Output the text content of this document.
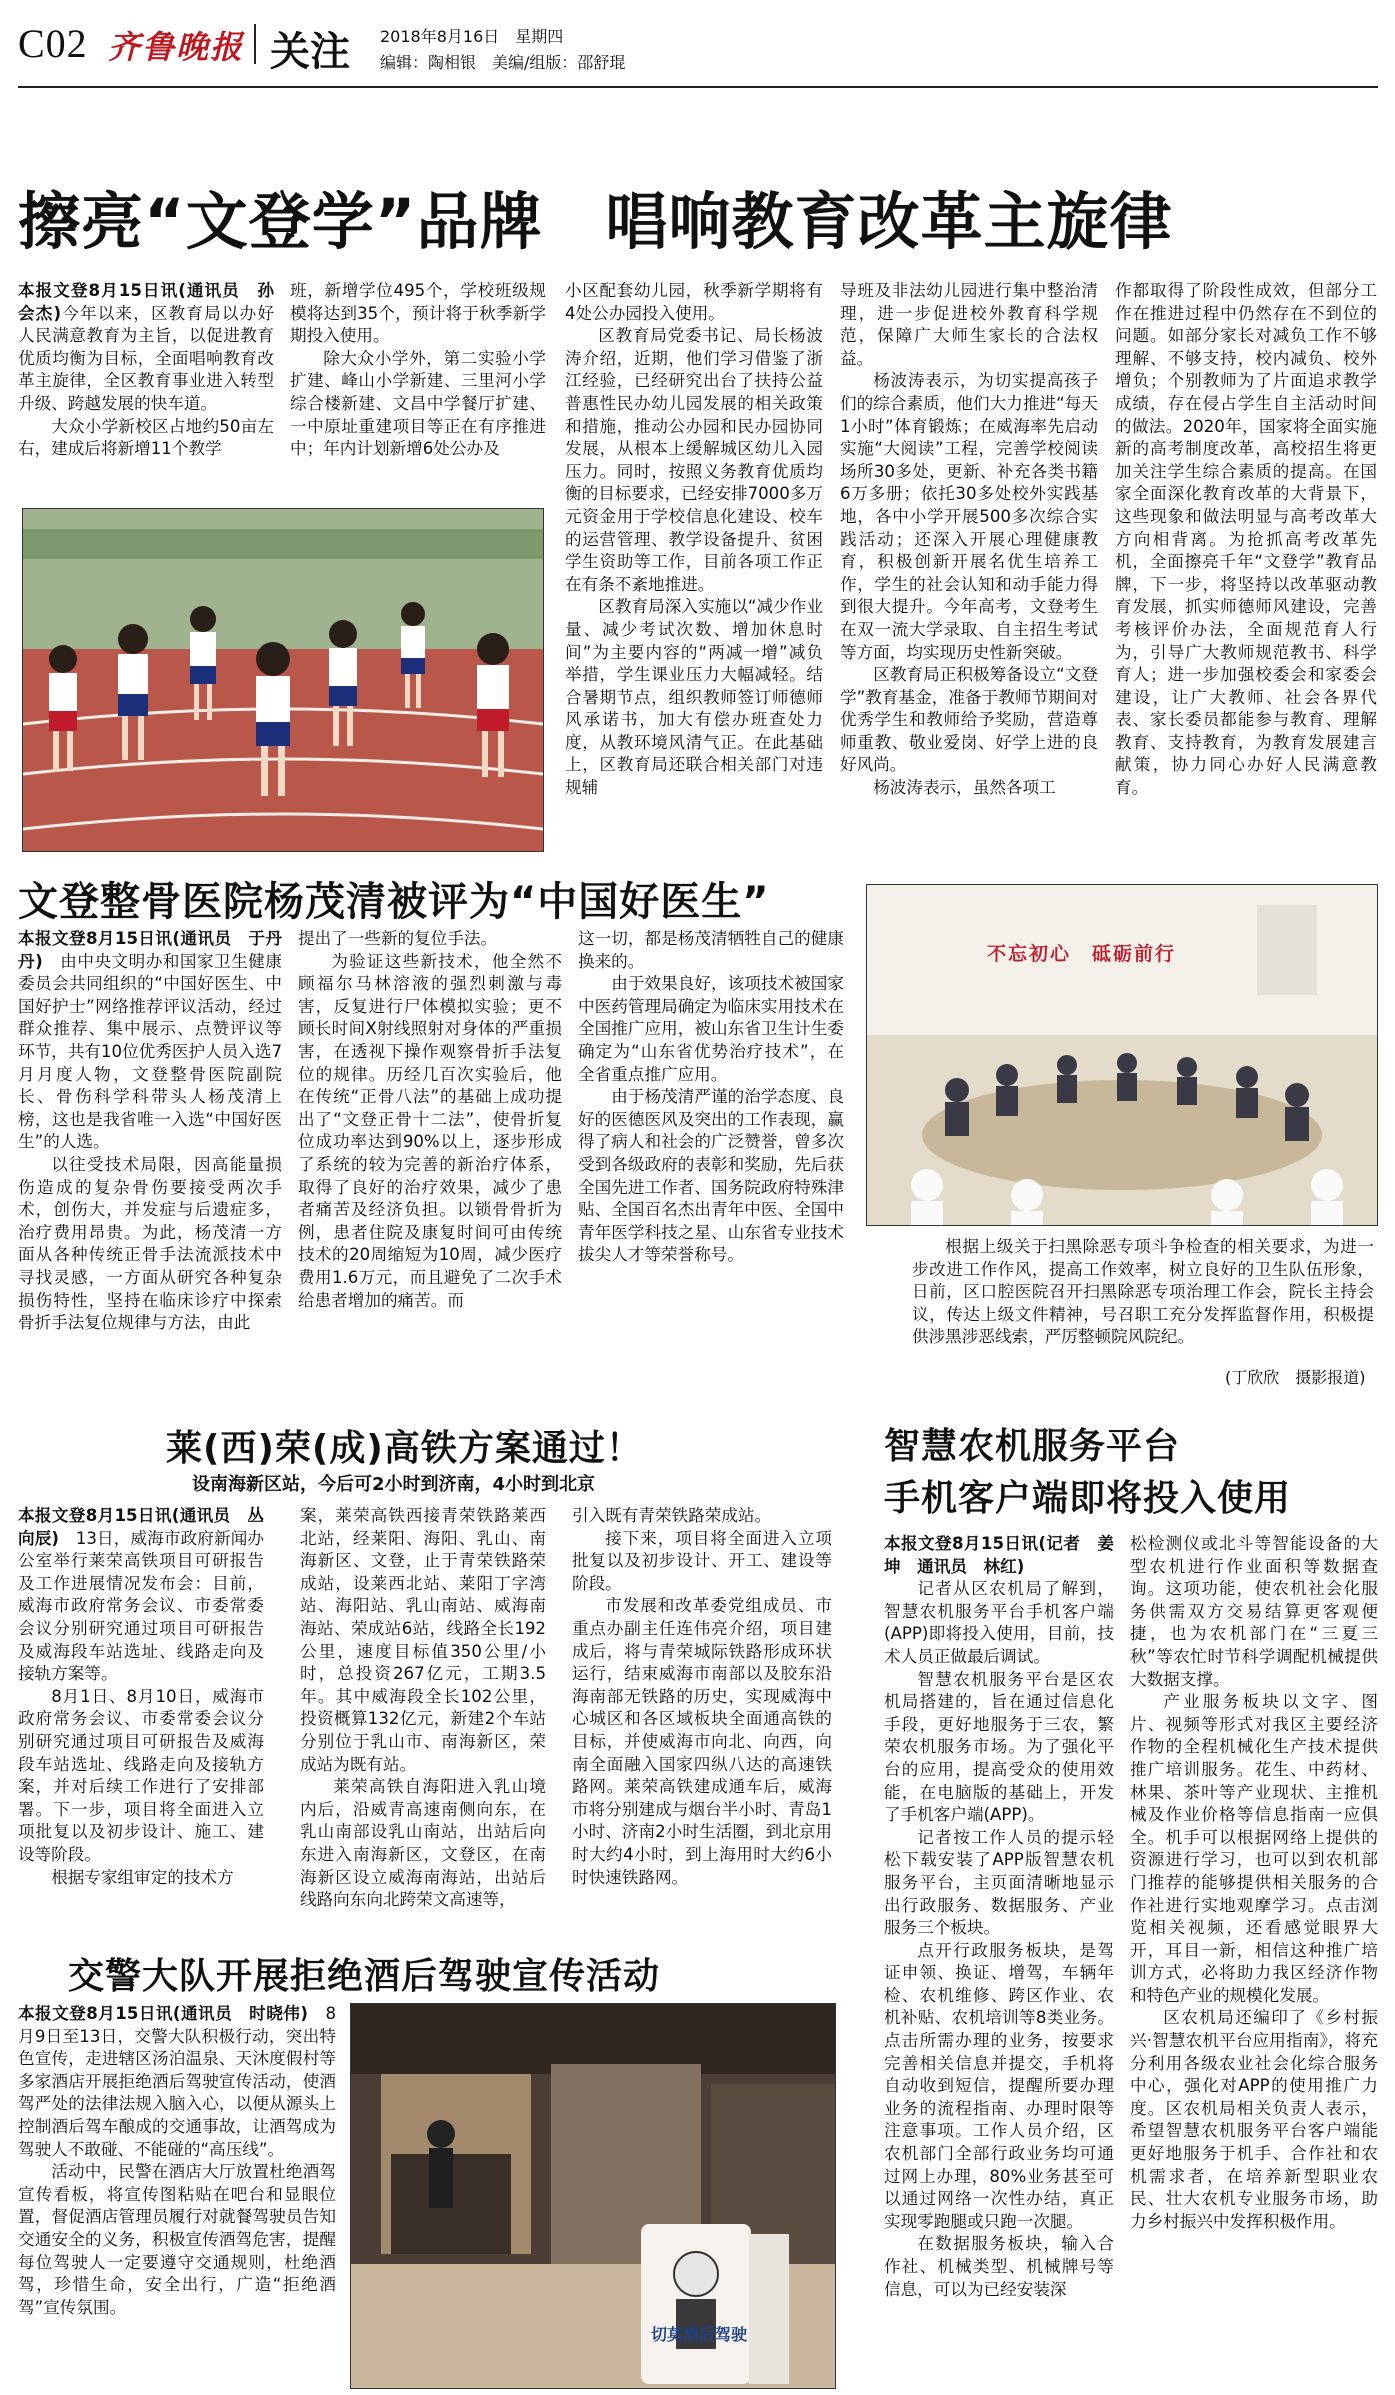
C02 齐鲁晚报 关注 2018年8月16日　星期四
编辑：陶相银　美编/组版：邵舒琨
擦亮“文登学”品牌　唱响教育改革主旋律

本报文登8月15日讯(通讯员　孙会杰)今年以来，区教育局以办好人民满意教育为主旨，以促进教育优质均衡为目标，全面唱响教育改革主旋律，全区教育事业进入转型升级、跨越发展的快车道。

大众小学新校区占地约50亩左右，建成后将新增11个教学

班，新增学位495个，学校班级规模将达到35个，预计将于秋季新学期投入使用。

除大众小学外，第二实验小学扩建、峰山小学新建、三里河小学综合楼新建、文昌中学餐厅扩建、一中原址重建项目等正在有序推进中；年内计划新增6处公办及

小区配套幼儿园，秋季新学期将有4处公办园投入使用。

区教育局党委书记、局长杨波涛介绍，近期，他们学习借鉴了浙江经验，已经研究出台了扶持公益普惠性民办幼儿园发展的相关政策和措施，推动公办园和民办园协同发展，从根本上缓解城区幼儿入园压力。同时，按照义务教育优质均衡的目标要求，已经安排7000多万元资金用于学校信息化建设、校车的运营管理、教学设备提升、贫困学生资助等工作，目前各项工作正在有条不紊地推进。

区教育局深入实施以“减少作业量、减少考试次数、增加休息时间”为主要内容的“两减一增”减负举措，学生课业压力大幅减轻。结合暑期节点，组织教师签订师德师风承诺书，加大有偿办班查处力度，从教环境风清气正。在此基础上，区教育局还联合相关部门对违规辅

导班及非法幼儿园进行集中整治清理，进一步促进校外教育科学规范，保障广大师生家长的合法权益。

杨波涛表示，为切实提高孩子们的综合素质，他们大力推进“每天1小时”体育锻炼；在威海率先启动实施“大阅读”工程，完善学校阅读场所30多处，更新、补充各类书籍6万多册；依托30多处校外实践基地，各中小学开展500多次综合实践活动；还深入开展心理健康教育，积极创新开展名优生培养工作，学生的社会认知和动手能力得到很大提升。今年高考，文登考生在双一流大学录取、自主招生考试等方面，均实现历史性新突破。

区教育局正积极筹备设立“文登学”教育基金，准备于教师节期间对优秀学生和教师给予奖励，营造尊师重教、敬业爱岗、好学上进的良好风尚。

杨波涛表示，虽然各项工

作都取得了阶段性成效，但部分工作在推进过程中仍然存在不到位的问题。如部分家长对减负工作不够理解、不够支持，校内减负、校外增负；个别教师为了片面追求教学成绩，存在侵占学生自主活动时间的做法。2020年，国家将全面实施新的高考制度改革，高校招生将更加关注学生综合素质的提高。在国家全面深化教育改革的大背景下，这些现象和做法明显与高考改革大方向相背离。为抢抓高考改革先机，全面擦亮千年“文登学”教育品牌，下一步，将坚持以改革驱动教育发展，抓实师德师风建设，完善考核评价办法，全面规范育人行为，引导广大教师规范教书、科学育人；进一步加强校委会和家委会建设，让广大教师、社会各界代表、家长委员都能参与教育、理解教育、支持教育，为教育发展建言献策，协力同心办好人民满意教育。

文登整骨医院杨茂清被评为“中国好医生”

本报文登8月15日讯(通讯员　于丹丹)　 由中央文明办和国家卫生健康委员会共同组织的“中国好医生、中国好护士”网络推荐评议活动，经过群众推荐、集中展示、点赞评议等环节，共有10位优秀医护人员入选7月月度人物，文登整骨医院副院长、骨伤科学科带头人杨茂清上榜，这也是我省唯一入选“中国好医生”的人选。

以往受技术局限，因高能量损伤造成的复杂骨伤要接受两次手术，创伤大，并发症与后遗症多，治疗费用昂贵。为此，杨茂清一方面从各种传统正骨手法流派技术中寻找灵感，一方面从研究各种复杂损伤特性，坚持在临床诊疗中探索骨折手法复位规律与方法，由此

提出了一些新的复位手法。

为验证这些新技术，他全然不顾福尔马林溶液的强烈刺激与毒害，反复进行尸体模拟实验；更不顾长时间X射线照射对身体的严重损害，在透视下操作观察骨折手法复位的规律。历经几百次实验后，他在传统“正骨八法”的基础上成功提出了“文登正骨十二法”，使骨折复位成功率达到90%以上，逐步形成了系统的较为完善的新治疗体系，取得了良好的治疗效果，减少了患者痛苦及经济负担。以锁骨骨折为例，患者住院及康复时间可由传统技术的20周缩短为10周，减少医疗费用1.6万元，而且避免了二次手术给患者增加的痛苦。而

这一切，都是杨茂清牺牲自己的健康换来的。

由于效果良好，该项技术被国家中医药管理局确定为临床实用技术在全国推广应用，被山东省卫生计生委确定为“山东省优势治疗技术”，在全省重点推广应用。

由于杨茂清严谨的治学态度、良好的医德医风及突出的工作表现，赢得了病人和社会的广泛赞誉，曾多次受到各级政府的表彰和奖励，先后获全国先进工作者、国务院政府特殊津贴、全国百名杰出青年中医、全国中青年医学科技之星、山东省专业技术拔尖人才等荣誉称号。

不忘初心　砥砺前行

根据上级关于扫黑除恶专项斗争检查的相关要求，为进一步改进工作作风，提高工作效率，树立良好的卫生队伍形象，日前，区口腔医院召开扫黑除恶专项治理工作会，院长主持会议，传达上级文件精神，号召职工充分发挥监督作用，积极提供涉黑涉恶线索，严厉整顿院风院纪。

(丁欣欣　摄影报道)
莱(西)荣(成)高铁方案通过！
设南海新区站，今后可2小时到济南，4小时到北京

本报文登8月15日讯(通讯员　丛向辰)　 13日，威海市政府新闻办公室举行莱荣高铁项目可研报告及工作进展情况发布会：目前，威海市政府常务会议、市委常委会议分别研究通过项目可研报告及威海段车站选址、线路走向及接轨方案等。

8月1日、8月10日，威海市政府常务会议、市委常委会议分别研究通过项目可研报告及威海段车站选址、线路走向及接轨方案，并对后续工作进行了安排部署。下一步，项目将全面进入立项批复以及初步设计、施工、建设等阶段。

根据专家组审定的技术方

案，莱荣高铁西接青荣铁路莱西北站，经莱阳、海阳、乳山、南海新区、文登，止于青荣铁路荣成站，设莱西北站、莱阳丁字湾站、海阳站、乳山南站、威海南海站、荣成站6站，线路全长192公里，速度目标值350公里/小时，总投资267亿元，工期3.5年。其中威海段全长102公里，投资概算132亿元，新建2个车站分别位于乳山市、南海新区，荣成站为既有站。

莱荣高铁自海阳进入乳山境内后，沿威青高速南侧向东，在乳山南部设乳山南站，出站后向东进入南海新区，文登区，在南海新区设立威海南海站，出站后线路向东向北跨荣文高速等，

引入既有青荣铁路荣成站。

接下来，项目将全面进入立项批复以及初步设计、开工、建设等阶段。

市发展和改革委党组成员、市重点办副主任连伟亮介绍，项目建成后，将与青荣城际铁路形成环状运行，结束威海市南部以及胶东沿海南部无铁路的历史，实现威海中心城区和各区域板块全面通高铁的目标，并使威海市向北、向西，向南全面融入国家四纵八达的高速铁路网。莱荣高铁建成通车后，威海市将分别建成与烟台半小时、青岛1小时、济南2小时生活圈，到北京用时大约4小时，到上海用时大约6小时快速铁路网。

交警大队开展拒绝酒后驾驶宣传活动

本报文登8月15日讯(通讯员　时晓伟)　 8月9日至13日，交警大队积极行动，突出特色宣传，走进辖区汤泊温泉、天沐度假村等多家酒店开展拒绝酒后驾驶宣传活动，使酒驾严处的法律法规入脑入心，以便从源头上控制酒后驾车酿成的交通事故，让酒驾成为驾驶人不敢碰、不能碰的“高压线”。

活动中，民警在酒店大厅放置杜绝酒驾宣传看板，将宣传图粘贴在吧台和显眼位置，督促酒店管理员履行对就餐驾驶员告知交通安全的义务，积极宣传酒驾危害，提醒每位驾驶人一定要遵守交通规则，杜绝酒驾，珍惜生命，安全出行，广造“拒绝酒驾”宣传氛围。

切莫酒后驾驶
智慧农机服务平台
手机客户端即将投入使用

本报文登8月15日讯(记者　姜坤　通讯员　林红)

记者从区农机局了解到，智慧农机服务平台手机客户端(APP)即将投入使用，目前，技术人员正做最后调试。

智慧农机服务平台是区农机局搭建的，旨在通过信息化手段，更好地服务于三农，繁荣农机服务市场。为了强化平台的应用，提高受众的使用效能，在电脑版的基础上，开发了手机客户端(APP)。

记者按工作人员的提示轻松下载安装了APP版智慧农机服务平台，主页面清晰地显示出行政服务、数据服务、产业服务三个板块。

点开行政服务板块，是驾证申领、换证、增驾，车辆年检、农机维修、跨区作业、农机补贴、农机培训等8类业务。点击所需办理的业务，按要求完善相关信息并提交，手机将自动收到短信，提醒所要办理业务的流程指南、办理时限等注意事项。工作人员介绍，区农机部门全部行政业务均可通过网上办理，80%业务甚至可以通过网络一次性办结，真正实现零跑腿或只跑一次腿。

在数据服务板块，输入合作社、机械类型、机械牌号等信息，可以为已经安装深

松检测仪或北斗等智能设备的大型农机进行作业面积等数据查询。这项功能，使农机社会化服务供需双方交易结算更客观便捷，也为农机部门在“三夏三秋”等农忙时节科学调配机械提供大数据支撑。

产业服务板块以文字、图片、视频等形式对我区主要经济作物的全程机械化生产技术提供推广培训服务。花生、中药材、林果、茶叶等产业现状、主推机械及作业价格等信息指南一应俱全。机手可以根据网络上提供的资源进行学习，也可以到农机部门推荐的能够提供相关服务的合作社进行实地观摩学习。点击浏览相关视频，还看感觉眼界大开，耳目一新，相信这种推广培训方式，必将助力我区经济作物和特色产业的规模化发展。

区农机局还编印了《乡村振兴·智慧农机平台应用指南》，将充分利用各级农业社会化综合服务中心，强化对APP的使用推广力度。区农机局相关负责人表示，希望智慧农机服务平台客户端能更好地服务于机手、合作社和农机需求者，在培养新型职业农民、壮大农机专业服务市场，助力乡村振兴中发挥积极作用。
